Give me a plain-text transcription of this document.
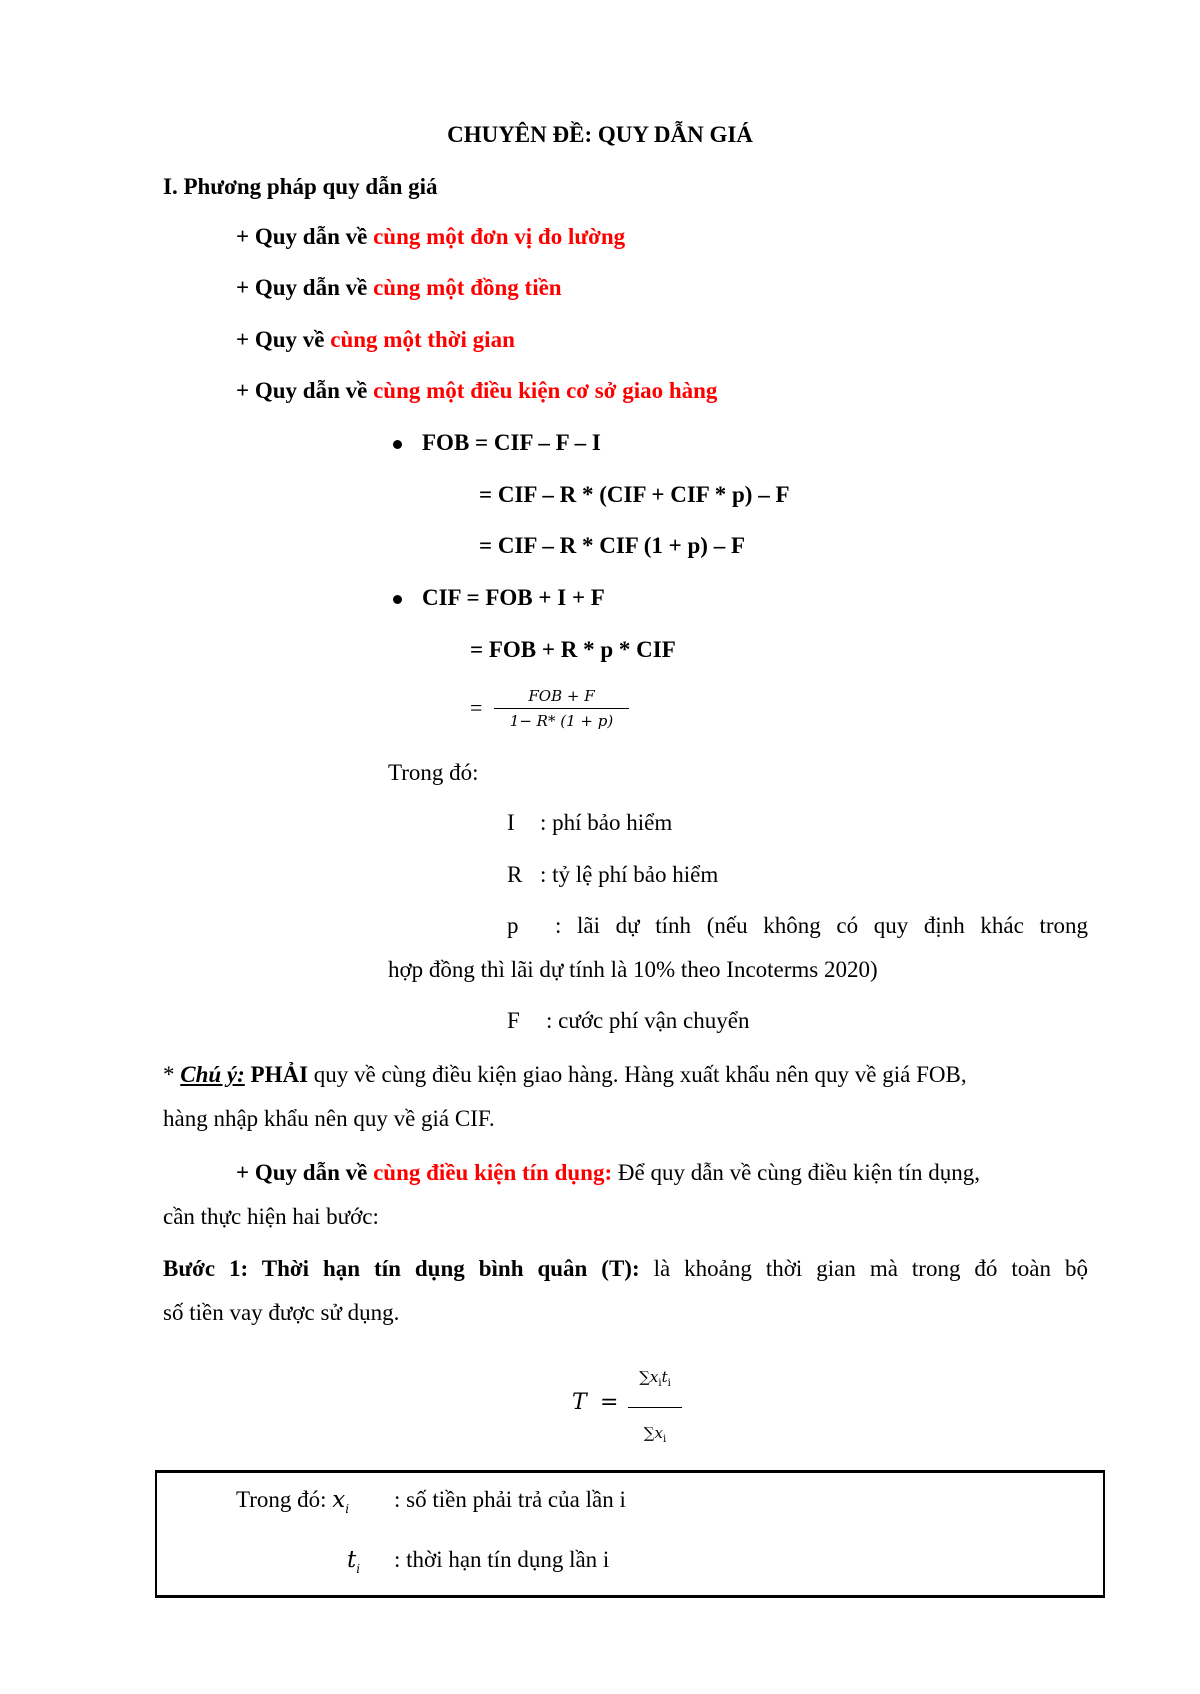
CHUYÊN ĐỀ: QUY DẪN GIÁ
I. Phương pháp quy dẫn giá
+ Quy dẫn về cùng một đơn vị đo lường
+ Quy dẫn về cùng một đồng tiền
+ Quy về cùng một thời gian
+ Quy dẫn về cùng một điều kiện cơ sở giao hàng
FOB = CIF – F – I
= CIF – R * (CIF + CIF * p) – F
= CIF – R * CIF (1 + p) – F
CIF = FOB + I + F
= FOB + R * p * CIF
=	FOB + F
1− R* (1 + p)
Trong đó:
I : phí bảo hiểm
R : tỷ lệ phí bảo hiểm
p : lãi dự tính (nếu không có quy định khác trong
hợp đồng thì lãi dự tính là 10% theo Incoterms 2020)
F : cước phí vận chuyển
* Chú ý: PHẢI quy về cùng điều kiện giao hàng. Hàng xuất khẩu nên quy về giá FOB,
hàng nhập khẩu nên quy về giá CIF.
+ Quy dẫn về cùng điều kiện tín dụng: Để quy dẫn về cùng điều kiện tín dụng,
cần thực hiện hai bước:
Bước 1: Thời hạn tín dụng bình quân (T): là khoảng thời gian mà trong đó toàn bộ
số tiền vay được sử dụng.
T =
$\sum x_it_i$
$\sum x_i$
Trong đó: $x_i$ : số tiền phải trả của lần i
$t_i$ : thời hạn tín dụng lần i
